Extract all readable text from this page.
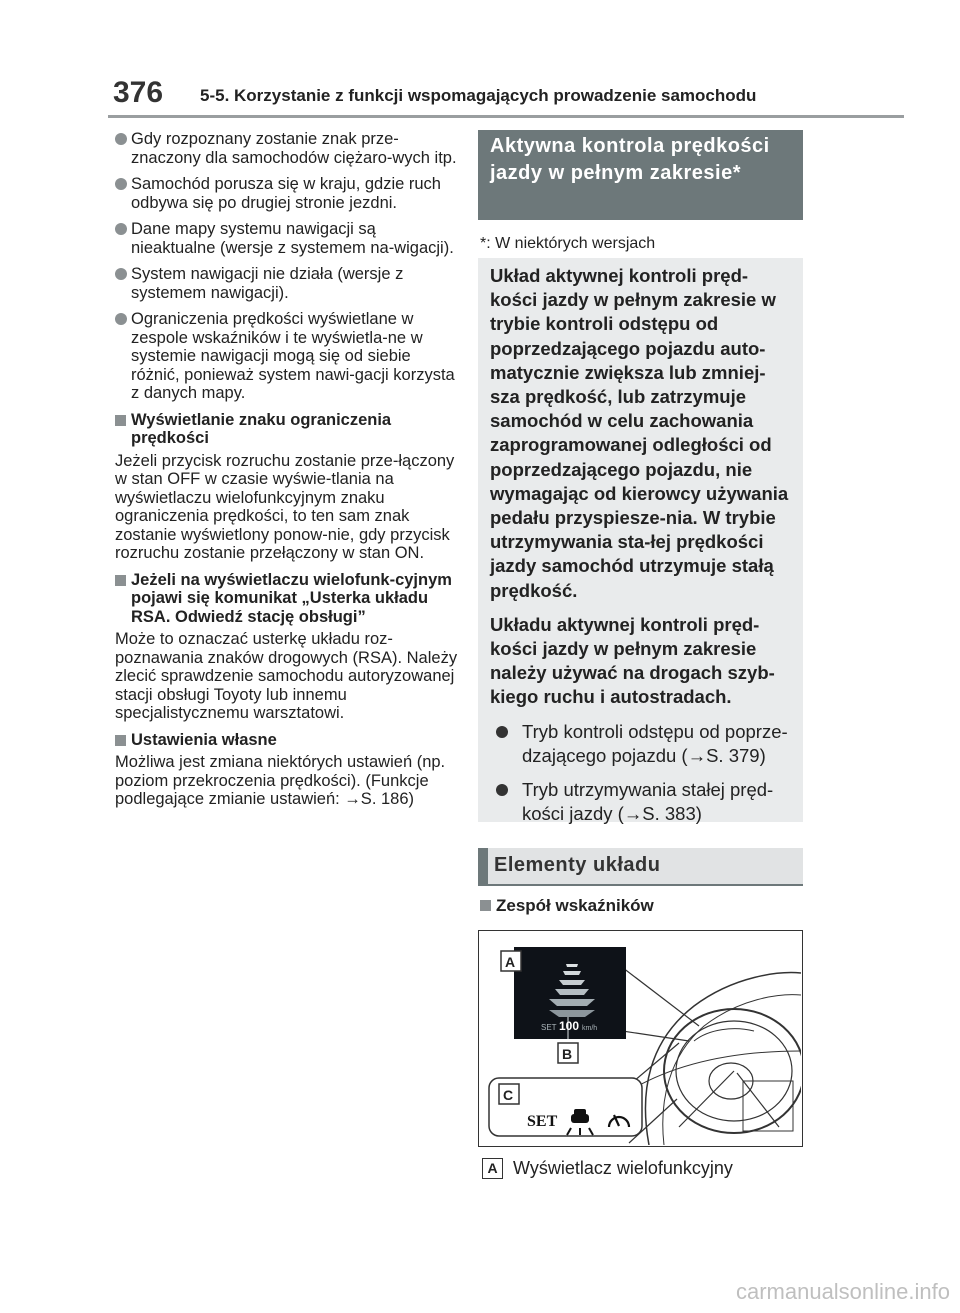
376 5-5. Korzystanie z funkcji wspomagających prowadzenie samochodu
Gdy rozpoznany zostanie znak prze-znaczony dla samochodów ciężaro-wych itp.
Samochód porusza się w kraju, gdzie ruch odbywa się po drugiej stronie jezdni.
Dane mapy systemu nawigacji są nieaktualne (wersje z systemem na-wigacji).
System nawigacji nie działa (wersje z systemem nawigacji).
Ograniczenia prędkości wyświetlane w zespole wskaźników i te wyświetla-ne w systemie nawigacji mogą się od siebie różnić, ponieważ system nawi-gacji korzysta z danych mapy.
Wyświetlanie znaku ograniczenia prędkości
Jeżeli przycisk rozruchu zostanie prze-łączony w stan OFF w czasie wyświe-tlania na wyświetlaczu wielofunkcyjnym znaku ograniczenia prędkości, to ten sam znak zostanie wyświetlony ponow-nie, gdy przycisk rozruchu zostanie przełączony w stan ON.
Jeżeli na wyświetlaczu wielofunk-cyjnym pojawi się komunikat „Usterka układu RSA. Odwiedź stację obsługi”
Może to oznaczać usterkę układu roz-poznawania znaków drogowych (RSA). Należy zlecić sprawdzenie samochodu autoryzowanej stacji obsługi Toyoty lub innemu specjalistycznemu warsztatowi.
Ustawienia własne
Możliwa jest zmiana niektórych ustawień (np. poziom przekroczenia prędkości). (Funkcje podlegające zmianie ustawień: →S. 186)
Aktywna kontrola prędkości jazdy w pełnym zakresie*
*: W niektórych wersjach
Układ aktywnej kontroli pręd-kości jazdy w pełnym zakresie w trybie kontroli odstępu od poprzedzającego pojazdu auto-matycznie zwiększa lub zmniej-sza prędkość, lub zatrzymuje samochód w celu zachowania zaprogramowanej odległości od poprzedzającego pojazdu, nie wymagając od kierowcy używania pedału przyspiesze-nia. W trybie utrzymywania sta-łej prędkości jazdy samochód utrzymuje stałą prędkość.
Układu aktywnej kontroli pręd-kości jazdy w pełnym zakresie należy używać na drogach szyb-kiego ruchu i autostradach.
Tryb kontroli odstępu od poprze-dzającego pojazdu (→S. 379)
Tryb utrzymywania stałej pręd-kości jazdy (→S. 383)
Elementy układu
Zespół wskaźników
SET 100 km/h
A
B
C
SET
A Wyświetlacz wielofunkcyjny
carmanualsonline.info
